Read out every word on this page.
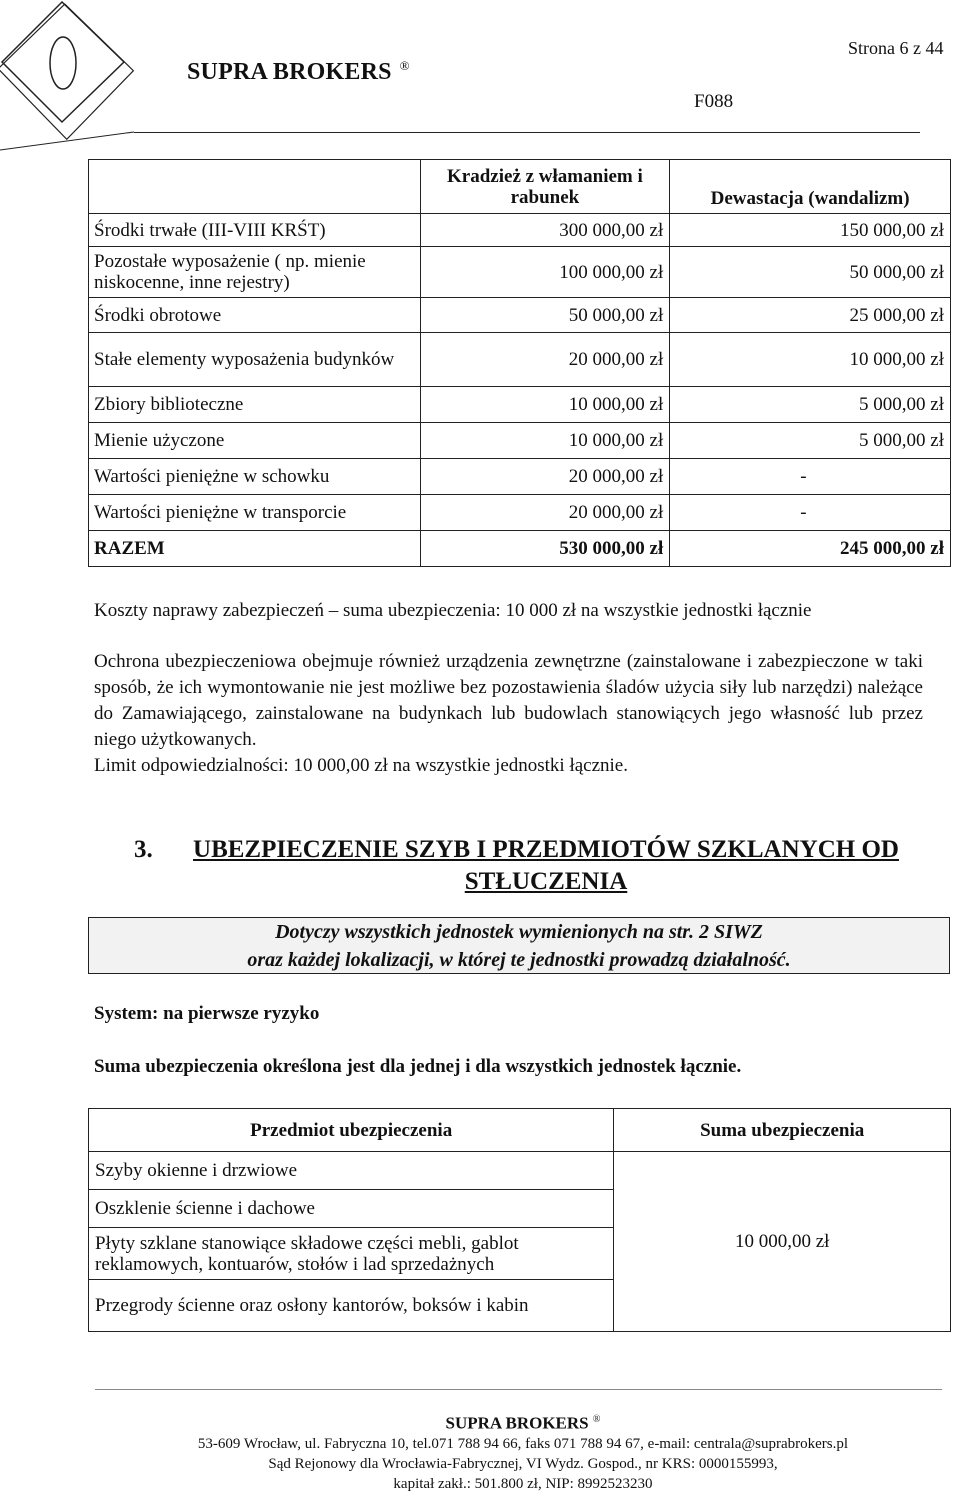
SUPRA BROKERS ®
Strona 6 z 44
F088
	Kradzież z włamaniem i rabunek	Dewastacja (wandalizm)
Środki trwałe (III-VIII KRŚT)	300 000,00 zł	150 000,00 zł
Pozostałe wyposażenie ( np. mienie niskocenne, inne rejestry)	100 000,00 zł	50 000,00 zł
Środki obrotowe	50 000,00 zł	25 000,00 zł
Stałe elementy wyposażenia budynków	20 000,00 zł	10 000,00 zł
Zbiory biblioteczne	10 000,00 zł	5 000,00 zł
Mienie użyczone	10 000,00 zł	5 000,00 zł
Wartości pieniężne w schowku	20 000,00 zł	-
Wartości pieniężne w transporcie	20 000,00 zł	-
RAZEM	530 000,00 zł	245 000,00 zł
Koszty naprawy zabezpieczeń – suma ubezpieczenia: 10 000 zł na wszystkie jednostki łącznie

Ochrona ubezpieczeniowa obejmuje również urządzenia zewnętrzne (zainstalowane i zabezpieczone w taki sposób, że ich wymontowanie nie jest możliwe bez pozostawienia śladów użycia siły lub narzędzi) należące do Zamawiającego, zainstalowane na budynkach lub budowlach stanowiących jego własność lub przez niego użytkowanych.

Limit odpowiedzialności: 10 000,00 zł na wszystkie jednostki łącznie.

3.	UBEZPIECZENIE SZYB I PRZEDMIOTÓW SZKLANYCH OD STŁUCZENIA
Dotyczy wszystkich jednostek wymienionych na str. 2 SIWZ
oraz każdej lokalizacji, w której te jednostki prowadzą działalność.
System: na pierwsze ryzyko
Suma ubezpieczenia określona jest dla jednej i dla wszystkich jednostek łącznie.
Przedmiot ubezpieczenia	Suma ubezpieczenia
Szyby okienne i drzwiowe	10 000,00 zł
Oszklenie ścienne i dachowe	
Płyty szklane stanowiące składowe części mebli, gablot reklamowych, kontuarów, stołów i lad sprzedażnych	
Przegrody ścienne oraz osłony kantorów, boksów i kabin	
SUPRA BROKERS ®
53-609 Wrocław, ul. Fabryczna 10, tel.071 788 94 66, faks 071 788 94 67, e-mail: centrala@suprabrokers.pl
Sąd Rejonowy dla Wrocławia-Fabrycznej, VI Wydz. Gospod., nr KRS: 0000155993,
kapitał zakł.: 501.800 zł, NIP: 8992523230
